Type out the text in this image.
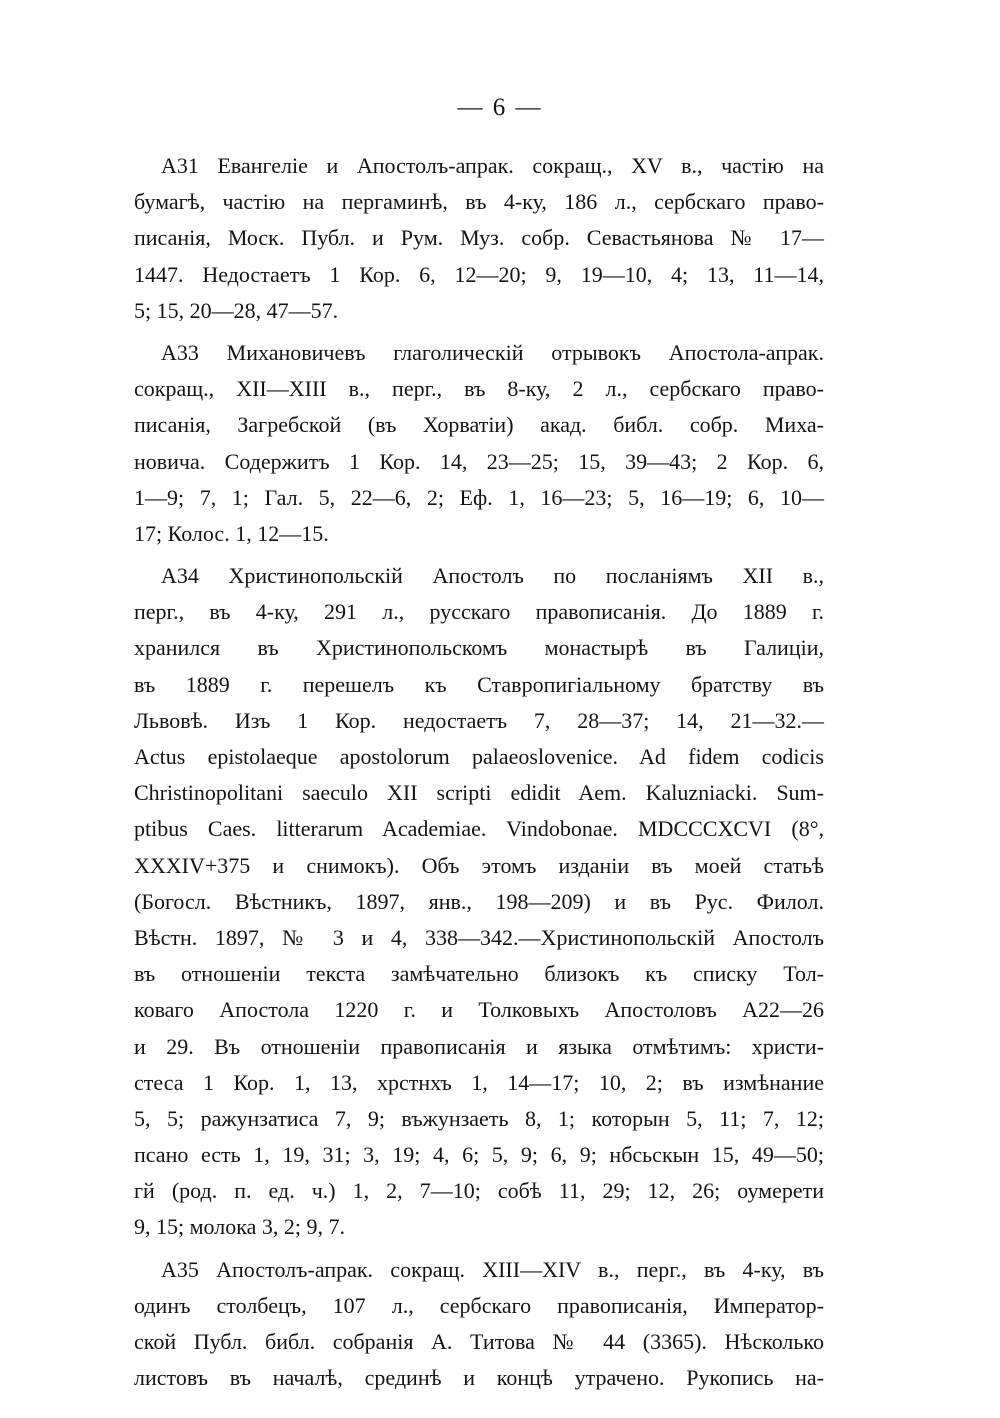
— 6 —
А31 Евангеліе и Апостолъ-апрак. сокращ., XV в., частію на
бумагѣ, частію на пергаминѣ, въ 4-ку, 186 л., сербскаго право-
писанія, Моск. Публ. и Рум. Муз. собр. Севастьянова № 17—
1447. Недостаетъ 1 Кор. 6, 12—20; 9, 19—10, 4; 13, 11—14,
5; 15, 20—28, 47—57.
А33 Михановичевъ глаголическій отрывокъ Апостола-апрак.
сокращ., XII—XIII в., перг., въ 8-ку, 2 л., сербскаго право-
писанія, Загребской (въ Хорватіи) акад. библ. собр. Миха-
новича. Содержитъ 1 Кор. 14, 23—25; 15, 39—43; 2 Кор. 6,
1—9; 7, 1; Гал. 5, 22—6, 2; Еф. 1, 16—23; 5, 16—19; 6, 10—
17; Колос. 1, 12—15.
А34 Христинопольскій Апостолъ по посланіямъ XII в.,
перг., въ 4-ку, 291 л., русскаго правописанія. До 1889 г.
хранился въ Христинопольскомъ монастырѣ въ Галиціи,
въ 1889 г. перешелъ къ Ставропигіальному братству въ
Львовѣ. Изъ 1 Кор. недостаетъ 7, 28—37; 14, 21—32.—
Actus epistolaeque apostolorum palaeoslovenice. Ad fidem codicis
Christinopolitani saeculo XII scripti edidit Aem. Kaluzniacki. Sum-
ptibus Caes. litterarum Academiae. Vindobonae. MDCCCXCVI (8°,
XXXIV+375 и снимокъ). Объ этомъ изданіи въ моей статьѣ
(Богосл. Вѣстникъ, 1897, янв., 198—209) и въ Рус. Филол.
Вѣстн. 1897, № 3 и 4, 338—342.—Христинопольскій Апостолъ
въ отношеніи текста замѣчательно близокъ къ списку Тол-
коваго Апостола 1220 г. и Толковыхъ Апостоловъ А22—26
и 29. Въ отношеніи правописанія и языка отмѣтимъ: христи-
стеса 1 Кор. 1, 13, хрстнхъ 1, 14—17; 10, 2; въ измѣнание
5, 5; ражунзатиса 7, 9; въжунзаеть 8, 1; которын 5, 11; 7, 12;
псано есть 1, 19, 31; 3, 19; 4, 6; 5, 9; 6, 9; нбсьскын 15, 49—50;
гй (род. п. ед. ч.) 1, 2, 7—10; собѣ 11, 29; 12, 26; оумерети
9, 15; молока 3, 2; 9, 7.
А35 Апостолъ-апрак. сокращ. XIII—XIV в., перг., въ 4-ку, въ
одинъ столбецъ, 107 л., сербскаго правописанія, Император-
ской Публ. библ. собранія А. Титова № 44 (3365). Нѣсколько
листовъ въ началѣ, срединѣ и концѣ утрачено. Рукопись на-
